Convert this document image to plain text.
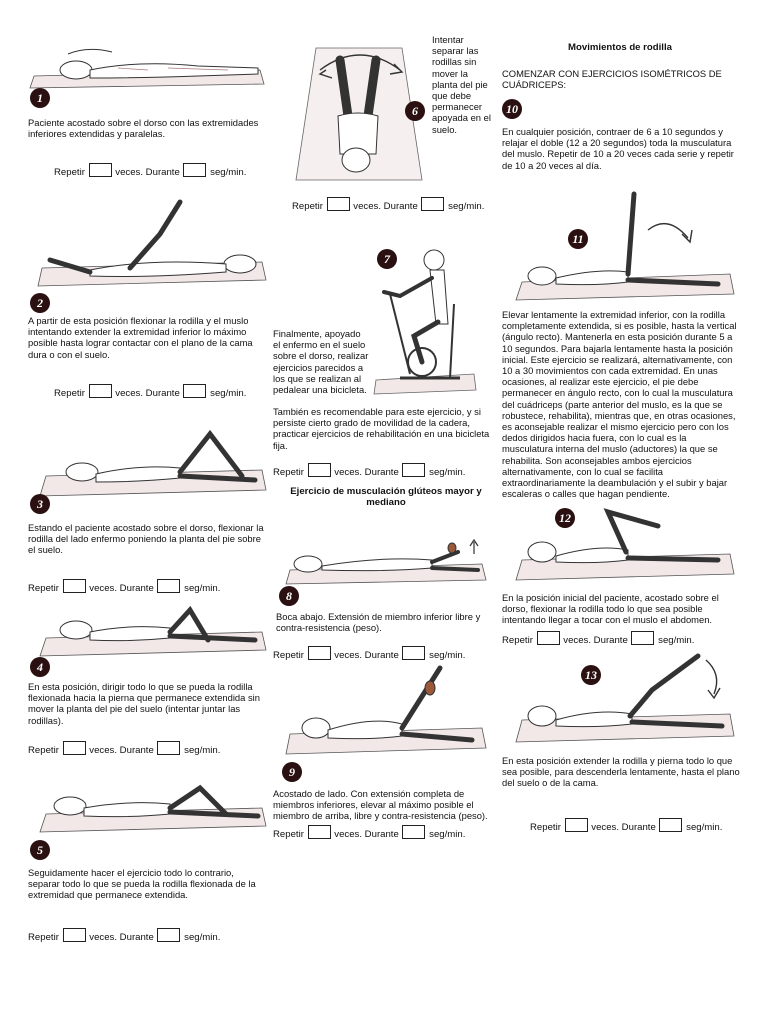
1
Paciente acostado sobre el dorso con las extremidades inferiores extendidas y paralelas.
Repetir	veces. Durante	seg/min.
2
A partir de esta posición flexionar la rodilla y el muslo intentando extender la extremidad inferior lo máximo posible hasta lograr contactar con el plano de la cama dura o con el suelo.
Repetir	veces. Durante	seg/min.
3
Estando el paciente acostado sobre el dorso, flexionar la rodilla del lado enfermo poniendo la planta del pie sobre el suelo.
Repetir	veces. Durante	seg/min.
4
En esta posición, dirigir todo lo que se pueda la rodilla flexionada hacia la pierna que permanece extendida sin mover la planta del pie del suelo (intentar juntar las rodillas).
Repetir	veces. Durante	seg/min.
5
Seguidamente hacer el ejercicio todo lo contrario, separar todo lo que se pueda la rodilla flexionada de la extremidad que permanece extendida.
Repetir	veces. Durante	seg/min.
6
Intentar separar las rodillas sin mover la planta del pie que debe permanecer apoyada en el suelo.
Repetir	veces. Durante	seg/min.
7
Finalmente, apoyado el enfermo en el suelo sobre el dorso, realizar ejercicios parecidos a los que se realizan al pedalear una bicicleta.
También es recomendable para este ejercicio, y si persiste cierto grado de movilidad de la cadera, practicar ejercicios de rehabilitación en una bicicleta fija.
Repetir	veces. Durante	seg/min.
Ejercicio de musculación glúteos mayor y mediano
8
Boca abajo. Extensión de miembro inferior libre y contra-resistencia (peso).
Repetir	veces. Durante	seg/min.
9
Acostado de lado. Con extensión completa de miembros inferiores, elevar al máximo posible el miembro de arriba, libre y contra-resistencia (peso).
Repetir	veces. Durante	seg/min.
Movimientos de rodilla
COMENZAR CON EJERCICIOS ISOMÉTRICOS DE CUÁDRICEPS:
10
En cualquier posición, contraer de 6 a 10 segundos y relajar el doble (12 a 20 segundos) toda la musculatura del muslo. Repetir de 10 a 20 veces cada serie y repetir de 10 a 20 veces al día.
11
Elevar lentamente la extremidad inferior, con la rodilla completamente extendida, si es posible, hasta la vertical (ángulo recto). Mantenerla en esta posición durante 5 a 10 segundos. Para bajarla lentamente hasta la posición inicial. Este ejercicio se realizará, alternativamente, con 10 a 30 movimientos con cada extremidad. En unas ocasiones, al realizar este ejercicio, el pie debe permanecer en ángulo recto, con lo cual la musculatura del cuádriceps (parte anterior del muslo, es la que se robustece, rehabilita), mientras que, en otras ocasiones, es aconsejable realizar el mismo ejercicio pero con los dedos dirigidos hacia fuera, con lo cual es la musculatura interna del muslo (aductores) la que se rehabilita. Son aconsejables ambos ejercicios alternativamente, con lo cual se facilita extraordinariamente la deambulación y el subir y bajar escaleras o calles que hagan pendiente.
12
En la posición inicial del paciente, acostado sobre el dorso, flexionar la rodilla todo lo que sea posible intentando llegar a tocar con el muslo el abdomen.
Repetir	veces. Durante	seg/min.
13
En esta posición extender la rodilla y pierna todo lo que sea posible, para descenderla lentamente, hasta el plano del suelo o de la cama.
Repetir	veces. Durante	seg/min.
